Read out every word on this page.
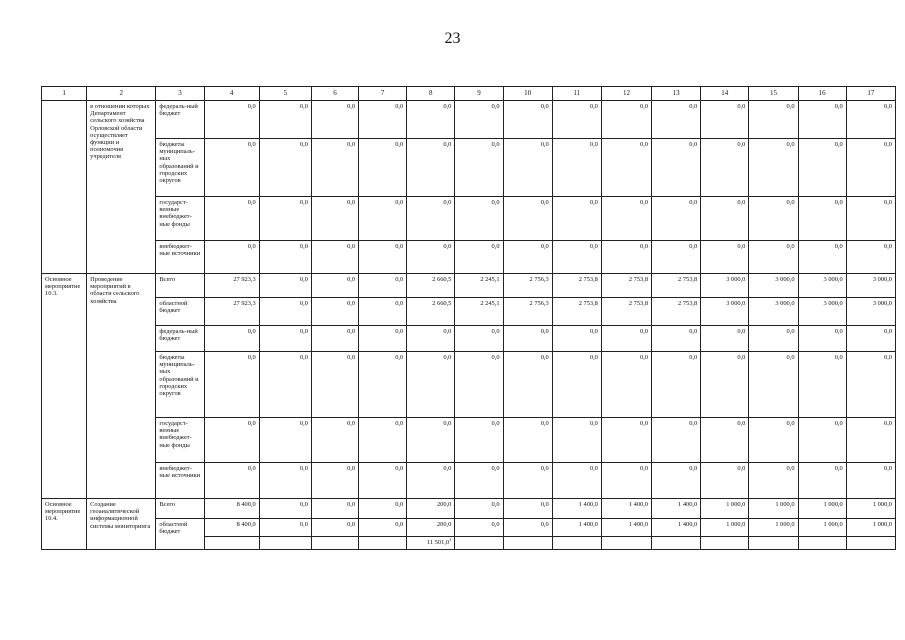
23
1	2	3	4	5	6	7	8	9	10	11	12	13	14	15	16	17
	в отношении которых Департамент сельского хозяйства Орловской области осуществляет функции и полномочия учредителя	федераль-ный бюджет	0,0	0,0	0,0	0,0	0,0	0,0	0,0	0,0	0,0	0,0	0,0	0,0	0,0	0,0
		бюджеты муниципаль-ных образований и городских округов	0,0	0,0	0,0	0,0	0,0	0,0	0,0	0,0	0,0	0,0	0,0	0,0	0,0	0,0
		государст-венные внебюджет-ные фонды	0,0	0,0	0,0	0,0	0,0	0,0	0,0	0,0	0,0	0,0	0,0	0,0	0,0	0,0
		внебюджет-ные источники	0,0	0,0	0,0	0,0	0,0	0,0	0,0	0,0	0,0	0,0	0,0	0,0	0,0	0,0
Основное мероприятие 10.3.	Проведение мероприятий в области сельского хозяйства	Всего	27 923,3	0,0	0,0	0,0	2 660,5	2 245,1	2 756,3	2 753,8	2 753,8	2 753,8	3 000,0	3 000,0	3 000,0	3 000,0
		областной бюджет	27 923,3	0,0	0,0	0,0	2 660,5	2 245,1	2 756,3	2 753,8	2 753,8	2 753,8	3 000,0	3 000,0	3 000,0	3 000,0
		федераль-ный бюджет	0,0	0,0	0,0	0,0	0,0	0,0	0,0	0,0	0,0	0,0	0,0	0,0	0,0	0,0
		бюджеты муниципаль-ных образований и городских округов	0,0	0,0	0,0	0,0	0,0	0,0	0,0	0,0	0,0	0,0	0,0	0,0	0,0	0,0
		государст-венные внебюджет-ные фонды	0,0	0,0	0,0	0,0	0,0	0,0	0,0	0,0	0,0	0,0	0,0	0,0	0,0	0,0
		внебюджет-ные источники	0,0	0,0	0,0	0,0	0,0	0,0	0,0	0,0	0,0	0,0	0,0	0,0	0,0	0,0
Основное мероприятие 10.4.	Создание геоаналитической информационной системы мониторинга	Всего	8 400,0	0,0	0,0	0,0	200,0	0,0	0,0	1 400,0	1 400,0	1 400,0	1 000,0	1 000,0	1 000,0	1 000,0
		областной бюджет	8 400,0	0,0	0,0	0,0	200,0	0,0	0,0	1 400,0	1 400,0	1 400,0	1 000,0	1 000,0	1 000,0	1 000,0
							11 501,0$^1$									
